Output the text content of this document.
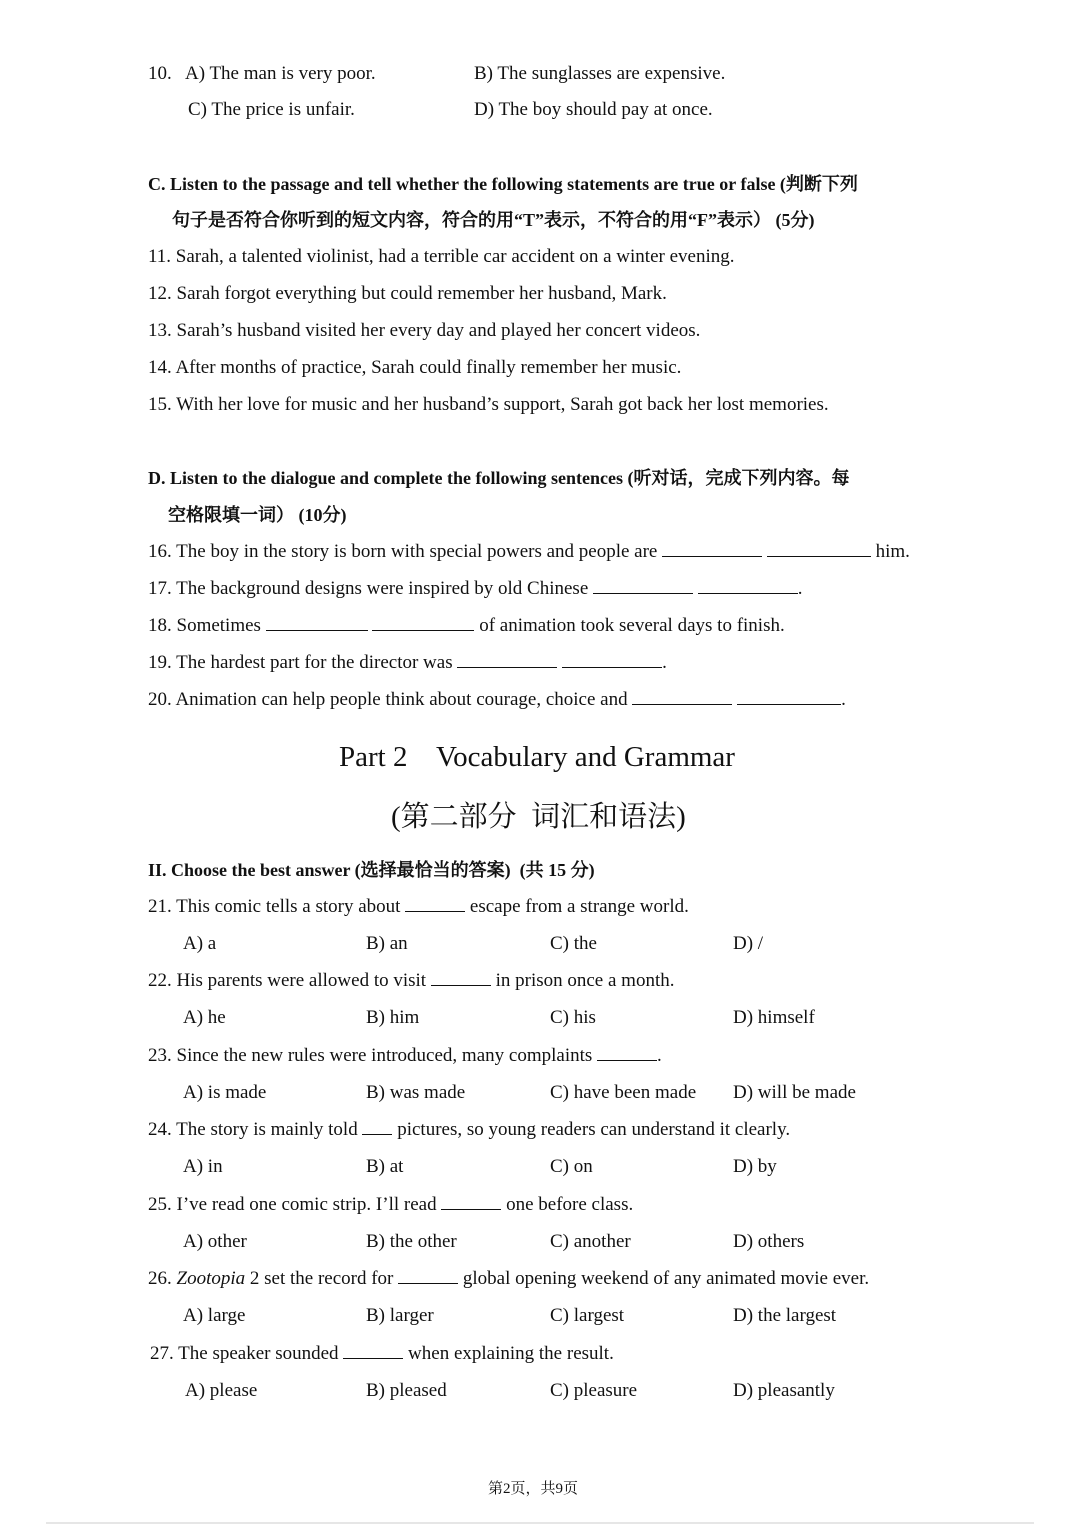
10. A) The man is very poor.	B) The sunglasses are expensive.
C) The price is unfair.	D) The boy should pay at once.
C. Listen to the passage and tell whether the following statements are true or false (判断下列
句子是否符合你听到的短文内容，符合的用“T”表示，不符合的用“F”表示） (5分)
11. Sarah, a talented violinist, had a terrible car accident on a winter evening.
12. Sarah forgot everything but could remember her husband, Mark.
13. Sarah’s husband visited her every day and played her concert videos.
14. After months of practice, Sarah could finally remember her music.
15. With her love for music and her husband’s support, Sarah got back her lost memories.
D. Listen to the dialogue and complete the following sentences (听对话，完成下列内容。每
空格限填一词） (10分)
16. The boy in the story is born with special powers and people are	him.
17. The background designs were inspired by old Chinese	.
18. Sometimes	of animation took several days to finish.
19. The hardest part for the director was	.
20. Animation can help people think about courage, choice and	.
Part 2    Vocabulary and Grammar
(第二部分  词汇和语法)
II. Choose the best answer (选择最恰当的答案)  (共 15 分)
21. This comic tells a story about	escape from a strange world.
A) a	B) an	C) the	D) /
22. His parents were allowed to visit	in prison once a month.
A) he	B) him	C) his	D) himself
23. Since the new rules were introduced, many complaints	.
A) is made	B) was made	C) have been made D) will be made
24. The story is mainly told pictures, so young readers can understand it clearly.
A) in	B) at	C) on	D) by
25. I’ve read one comic strip. I’ll read	one before class.
A) other	B) the other	C) another	D) others
26. Zootopia 2 set the record for	global opening weekend of any animated movie ever.
A) large	B) larger	C) largest	D) the largest
27. The speaker sounded	when explaining the result.
A) please	B) pleased	C) pleasure	D) pleasantly
第2页，共9页
